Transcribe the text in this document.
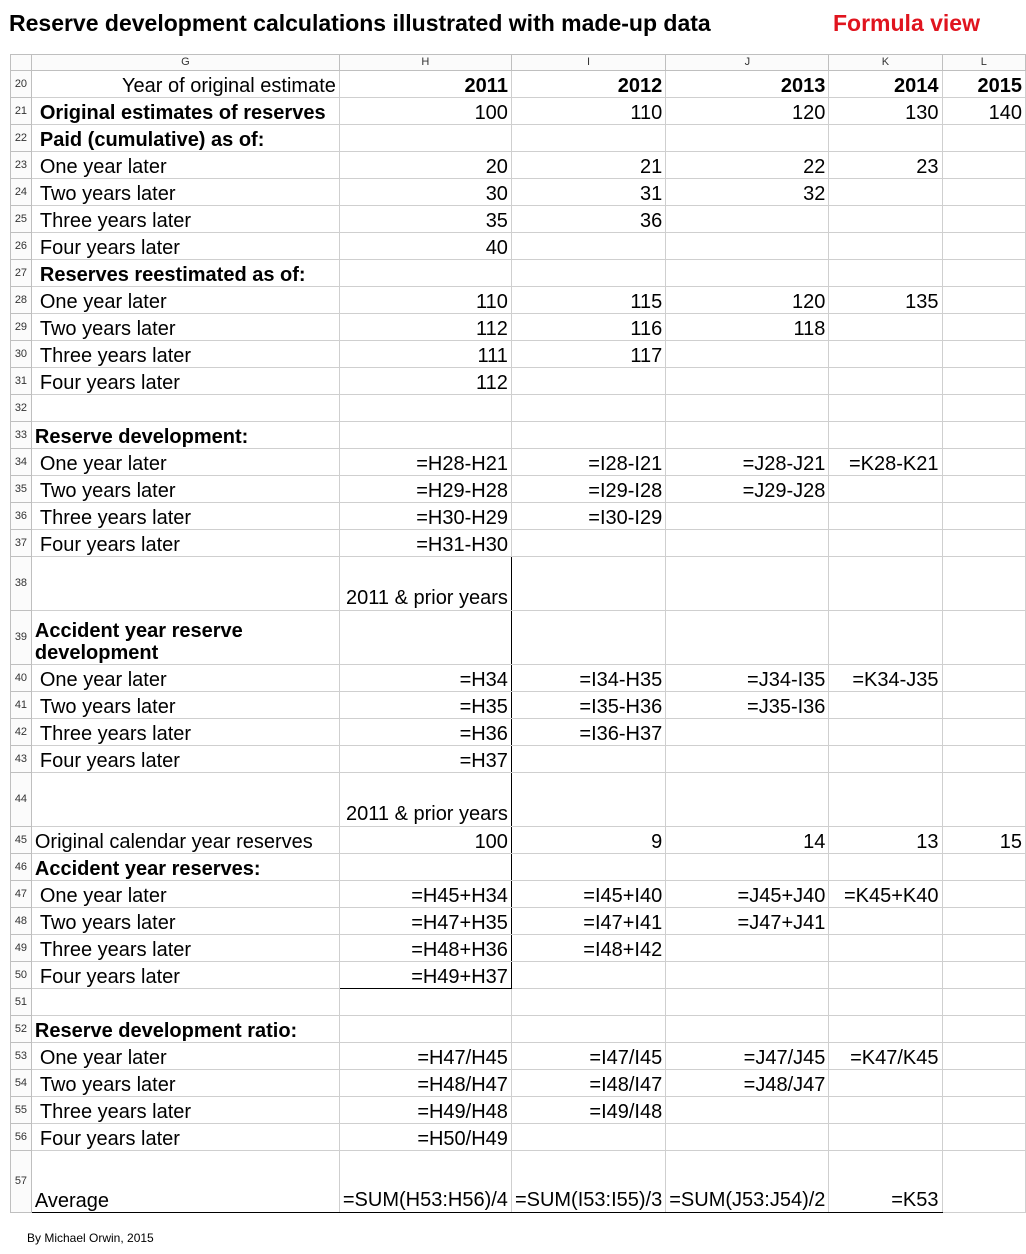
Reserve development calculations illustrated with made-up data	Formula view
	G	H	I	J	K	L
20	Year of original estimate	2011	2012	2013	2014	2015
21	Original estimates of reserves	100	110	120	130	140
22	Paid (cumulative) as of:					
23	One year later	20	21	22	23	
24	Two years later	30	31	32		
25	Three years later	35	36			
26	Four years later	40				
27	Reserves reestimated as of:					
28	One year later	110	115	120	135	
29	Two years later	112	116	118		
30	Three years later	111	117			
31	Four years later	112				
32						
33	Reserve development:					
34	One year later	=H28-H21	=I28-I21	=J28-J21	=K28-K21	
35	Two years later	=H29-H28	=I29-I28	=J29-J28		
36	Three years later	=H30-H29	=I30-I29			
37	Four years later	=H31-H30				
38		2011 & prior years				
39	Accident year reserve development					
40	One year later	=H34	=I34-H35	=J34-I35	=K34-J35	
41	Two years later	=H35	=I35-H36	=J35-I36		
42	Three years later	=H36	=I36-H37			
43	Four years later	=H37				
44		2011 & prior years				
45	Original calendar year reserves	100	9	14	13	15
46	Accident year reserves:					
47	One year later	=H45+H34	=I45+I40	=J45+J40	=K45+K40	
48	Two years later	=H47+H35	=I47+I41	=J47+J41		
49	Three years later	=H48+H36	=I48+I42			
50	Four years later	=H49+H37				
51						
52	Reserve development ratio:					
53	One year later	=H47/H45	=I47/I45	=J47/J45	=K47/K45	
54	Two years later	=H48/H47	=I48/I47	=J48/J47		
55	Three years later	=H49/H48	=I49/I48			
56	Four years later	=H50/H49				
57	Average	=SUM(H53:H56)/4	=SUM(I53:I55)/3	=SUM(J53:J54)/2	=K53	
By Michael Orwin, 2015
